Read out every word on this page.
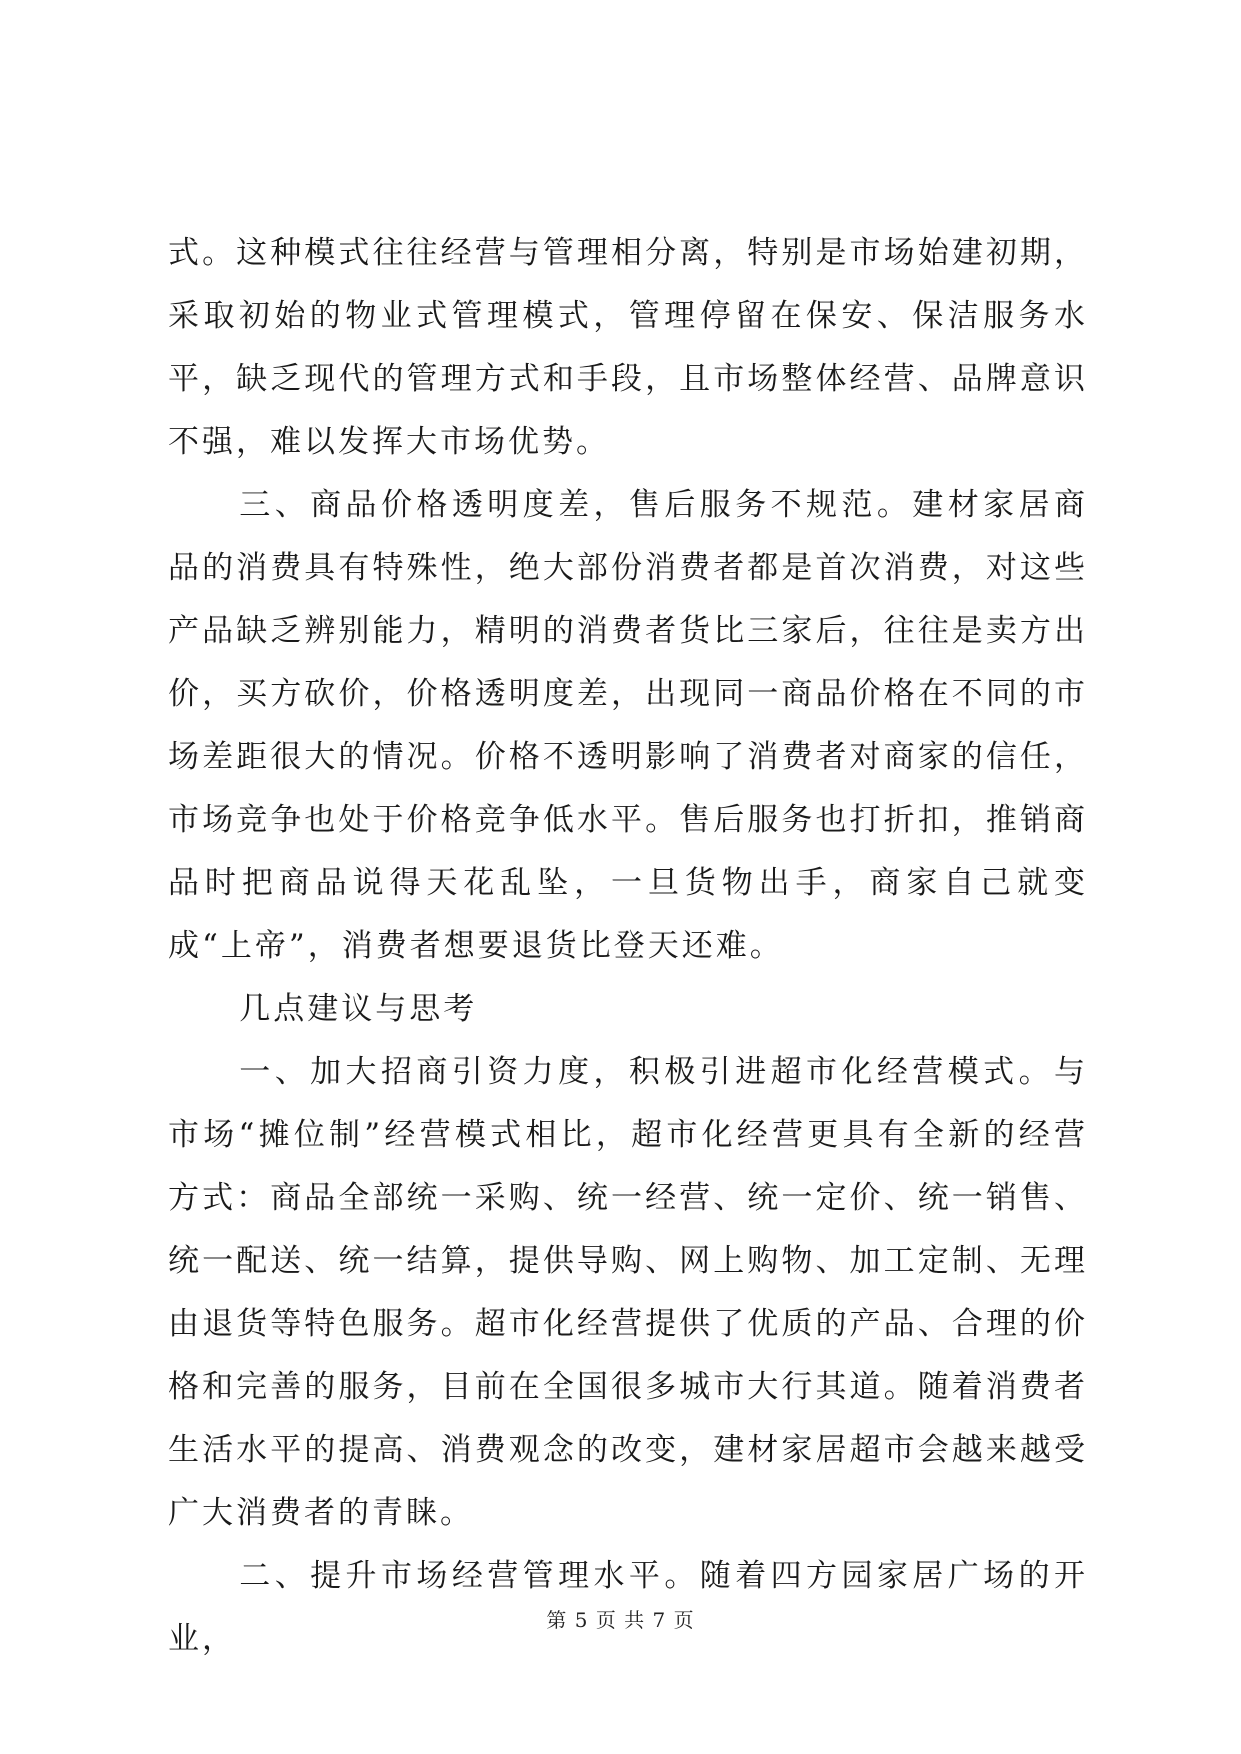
式。这种模式往往经营与管理相分离，特别是市场始建初期，采取初始的物业式管理模式，管理停留在保安、保洁服务水平，缺乏现代的管理方式和手段，且市场整体经营、品牌意识不强，难以发挥大市场优势。

三、商品价格透明度差，售后服务不规范。建材家居商品的消费具有特殊性，绝大部份消费者都是首次消费，对这些产品缺乏辨别能力，精明的消费者货比三家后，往往是卖方出价，买方砍价，价格透明度差，出现同一商品价格在不同的市场差距很大的情况。价格不透明影响了消费者对商家的信任，市场竞争也处于价格竞争低水平。售后服务也打折扣，推销商品时把商品说得天花乱坠，一旦货物出手，商家自己就变成“上帝”，消费者想要退货比登天还难。

几点建议与思考

一、加大招商引资力度，积极引进超市化经营模式。与市场“摊位制”经营模式相比，超市化经营更具有全新的经营方式：商品全部统一采购、统一经营、统一定价、统一销售、统一配送、统一结算，提供导购、网上购物、加工定制、无理由退货等特色服务。超市化经营提供了优质的产品、合理的价格和完善的服务，目前在全国很多城市大行其道。随着消费者生活水平的提高、消费观念的改变，建材家居超市会越来越受广大消费者的青睐。

二、提升市场经营管理水平。随着四方园家居广场的开业，

第 5 页 共 7 页
